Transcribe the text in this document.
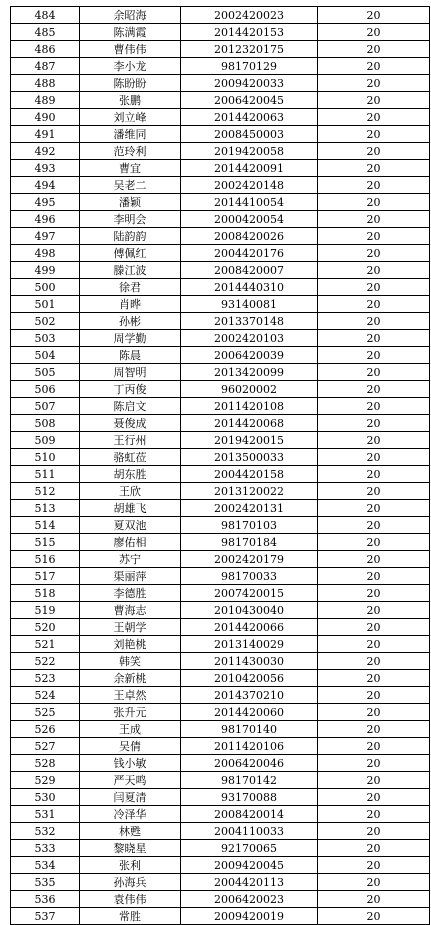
484	余昭海	2002420023	20
485	陈满霞	2014420153	20
486	曹伟伟	2012320175	20
487	李小龙	98170129	20
488	陈盼盼	2009420033	20
489	张鹏	2006420045	20
490	刘立峰	2014420063	20
491	潘维同	2008450003	20
492	范玲利	2019420058	20
493	曹宜	2014420091	20
494	吴老二	2002420148	20
495	潘颖	2014410054	20
496	李明会	2000420054	20
497	陆韵韵	2008420026	20
498	傅佩红	2004420176	20
499	滕江波	2008420007	20
500	徐君	2014440310	20
501	肖晔	93140081	20
502	孙彬	2013370148	20
503	周学勤	2002420103	20
504	陈晨	2006420039	20
505	周智明	2013420099	20
506	丁丙俊	96020002	20
507	陈启文	2011420108	20
508	聂俊成	2014420068	20
509	王行州	2019420015	20
510	骆虹莅	2013500033	20
511	胡东胜	2004420158	20
512	王欣	2013120022	20
513	胡雄飞	2002420131	20
514	夏双池	98170103	20
515	廖佑相	98170184	20
516	苏宁	2002420179	20
517	渠丽萍	98170033	20
518	李德胜	2007420015	20
519	曹海志	2010430040	20
520	王朝学	2014420066	20
521	刘艳桃	2013140029	20
522	韩笑	2011430030	20
523	余新桃	2010420056	20
524	王卓然	2014370210	20
525	张升元	2014420060	20
526	王成	98170140	20
527	吴倩	2011420106	20
528	钱小敏	2006420046	20
529	严天鸣	98170142	20
530	闫夏清	93170088	20
531	冷泽华	2008420014	20
532	林甦	2004110033	20
533	黎晓星	92170065	20
534	张利	2009420045	20
535	孙海兵	2004420113	20
536	袁伟伟	2006420023	20
537	常胜	2009420019	20
